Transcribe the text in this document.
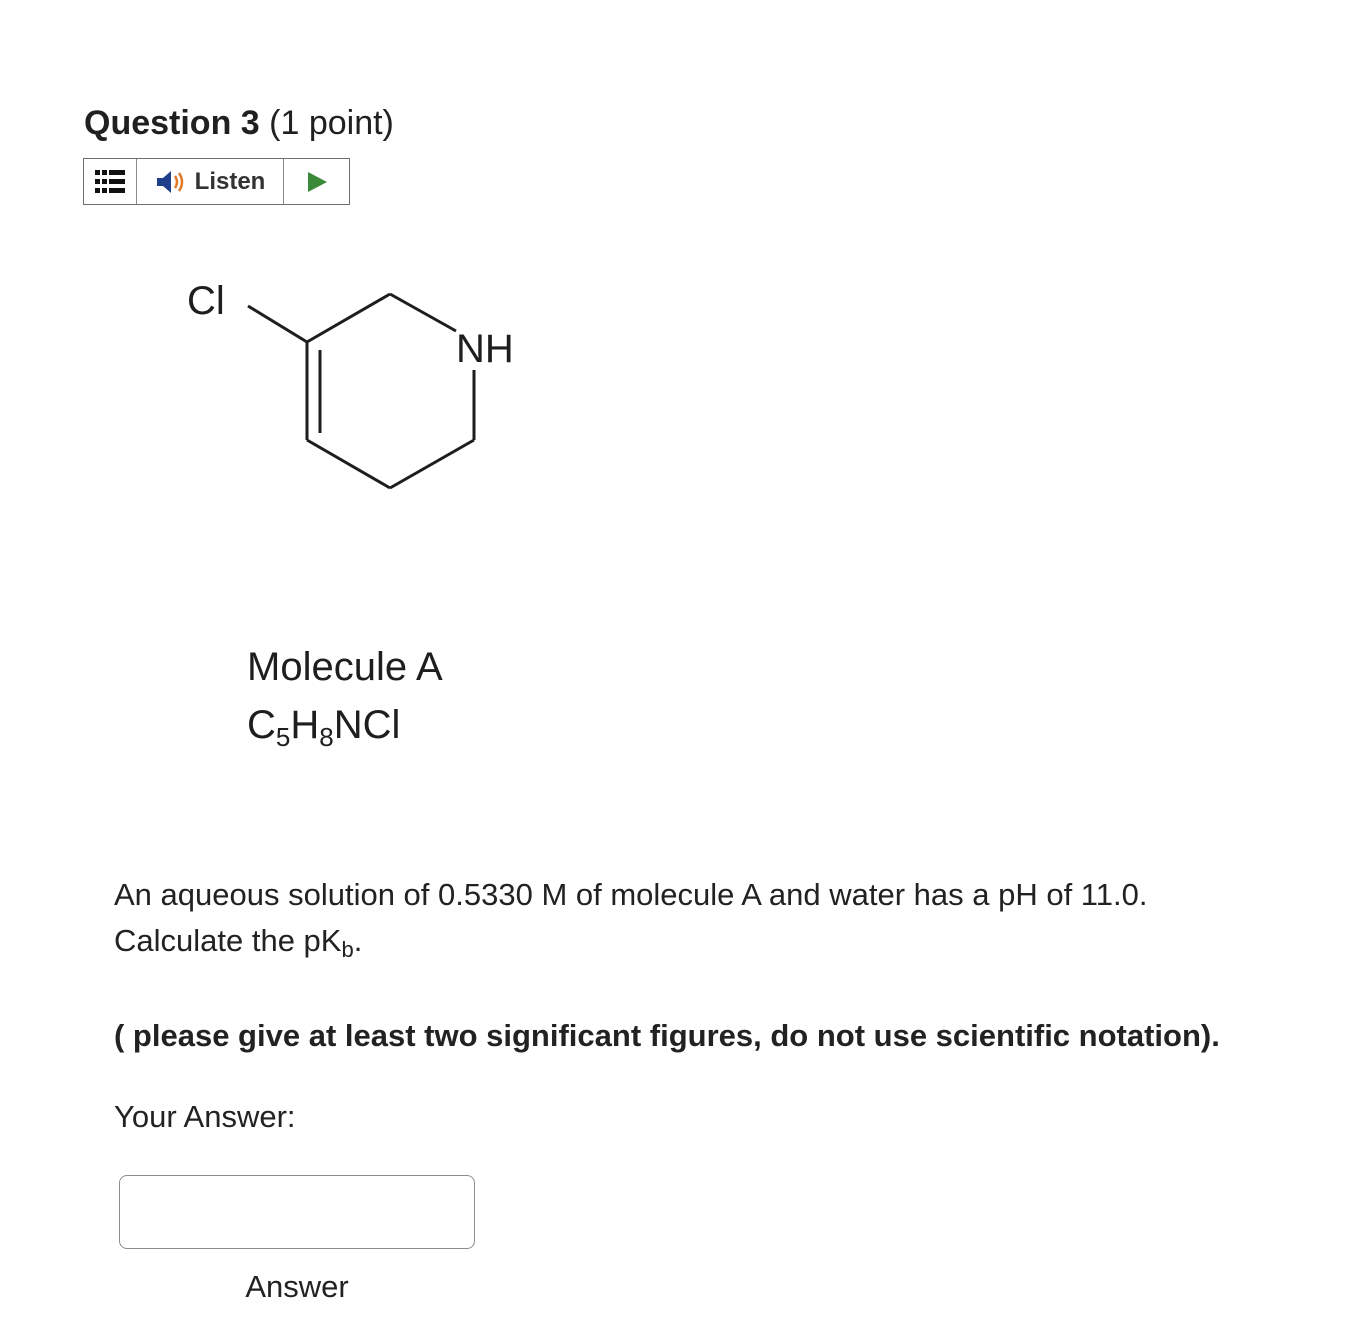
Question 3 (1 point)
Listen
Cl
NH
Molecule A
$C_5H_8NCl$

An aqueous solution of 0.5330 M of molecule A and water has a pH of 11.0.
Calculate the $pK_b$.

( please give at least two significant figures, do not use scientific notation).

Your Answer:

Answer
